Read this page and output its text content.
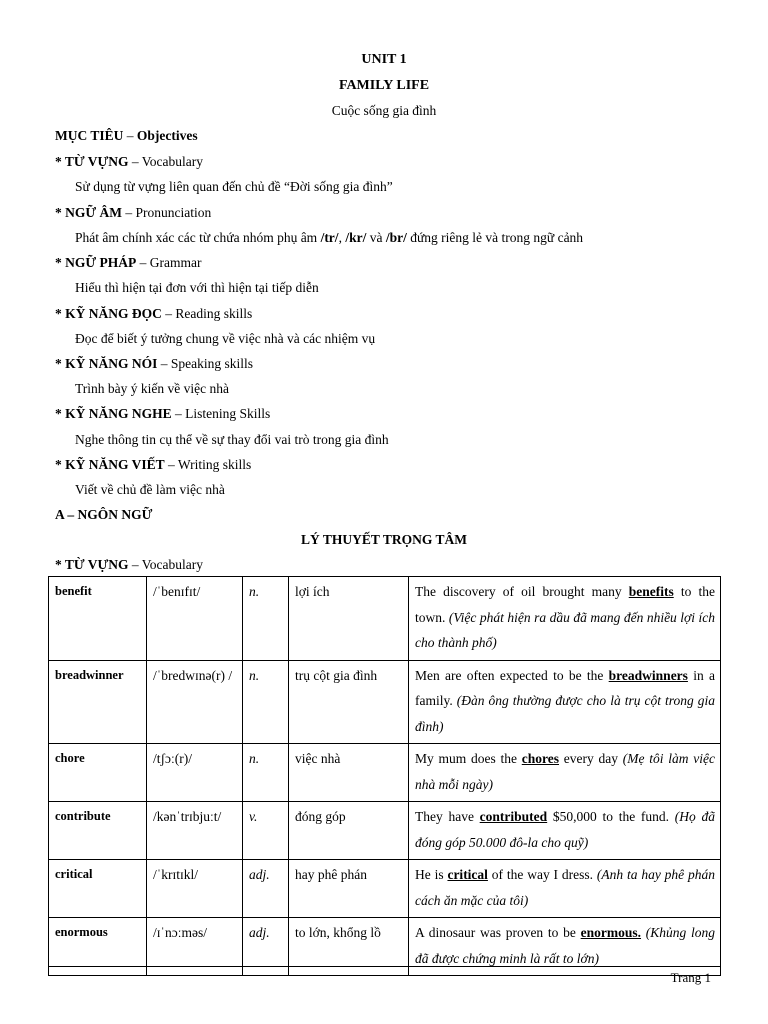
UNIT 1
FAMILY LIFE
Cuộc sống gia đình
MỤC TIÊU – Objectives
* TỪ VỰNG – Vocabulary
Sử dụng từ vựng liên quan đến chủ đề “Đời sống gia đình”
* NGỮ ÂM – Pronunciation
Phát âm chính xác các từ chứa nhóm phụ âm /tr/, /kr/ và /br/ đứng riêng lẻ và trong ngữ cảnh
* NGỮ PHÁP – Grammar
Hiểu thì hiện tại đơn với thì hiện tại tiếp diễn
* KỸ NĂNG ĐỌC – Reading skills
Đọc để biết ý tưởng chung về việc nhà và các nhiệm vụ
* KỸ NĂNG NÓI – Speaking skills
Trình bày ý kiến về việc nhà
* KỸ NĂNG NGHE – Listening Skills
Nghe thông tin cụ thể về sự thay đổi vai trò trong gia đình
* KỸ NĂNG VIẾT – Writing skills
Viết về chủ đề làm việc nhà
A – NGÔN NGỮ
LÝ THUYẾT TRỌNG TÂM
* TỪ VỰNG – Vocabulary
benefit	/ˈbenɪfɪt/	n.	lợi ích	The discovery of oil brought many benefits to the town. (Việc phát hiện ra dầu đã mang đến nhiều lợi ích cho thành phố)
breadwinner	/ˈbredwɪnə(r) /	n.	trụ cột gia đình	Men are often expected to be the breadwinners in a family. (Đàn ông thường được cho là trụ cột trong gia đình)
chore	/tʃɔː(r)/	n.	việc nhà	My mum does the chores every day (Mẹ tôi làm việc nhà mỗi ngày)
contribute	/kənˈtrɪbjuːt/	v.	đóng góp	They have contributed $50,000 to the fund. (Họ đã đóng góp 50.000 đô-la cho quỹ)
critical	/ˈkrɪtɪkl/	adj.	hay phê phán	He is critical of the way I dress. (Anh ta hay phê phán cách ăn mặc của tôi)
enormous	/ɪˈnɔːməs/	adj.	to lớn, khổng lồ	A dinosaur was proven to be enormous. (Khủng long đã được chứng minh là rất to lớn)
Trang 1
